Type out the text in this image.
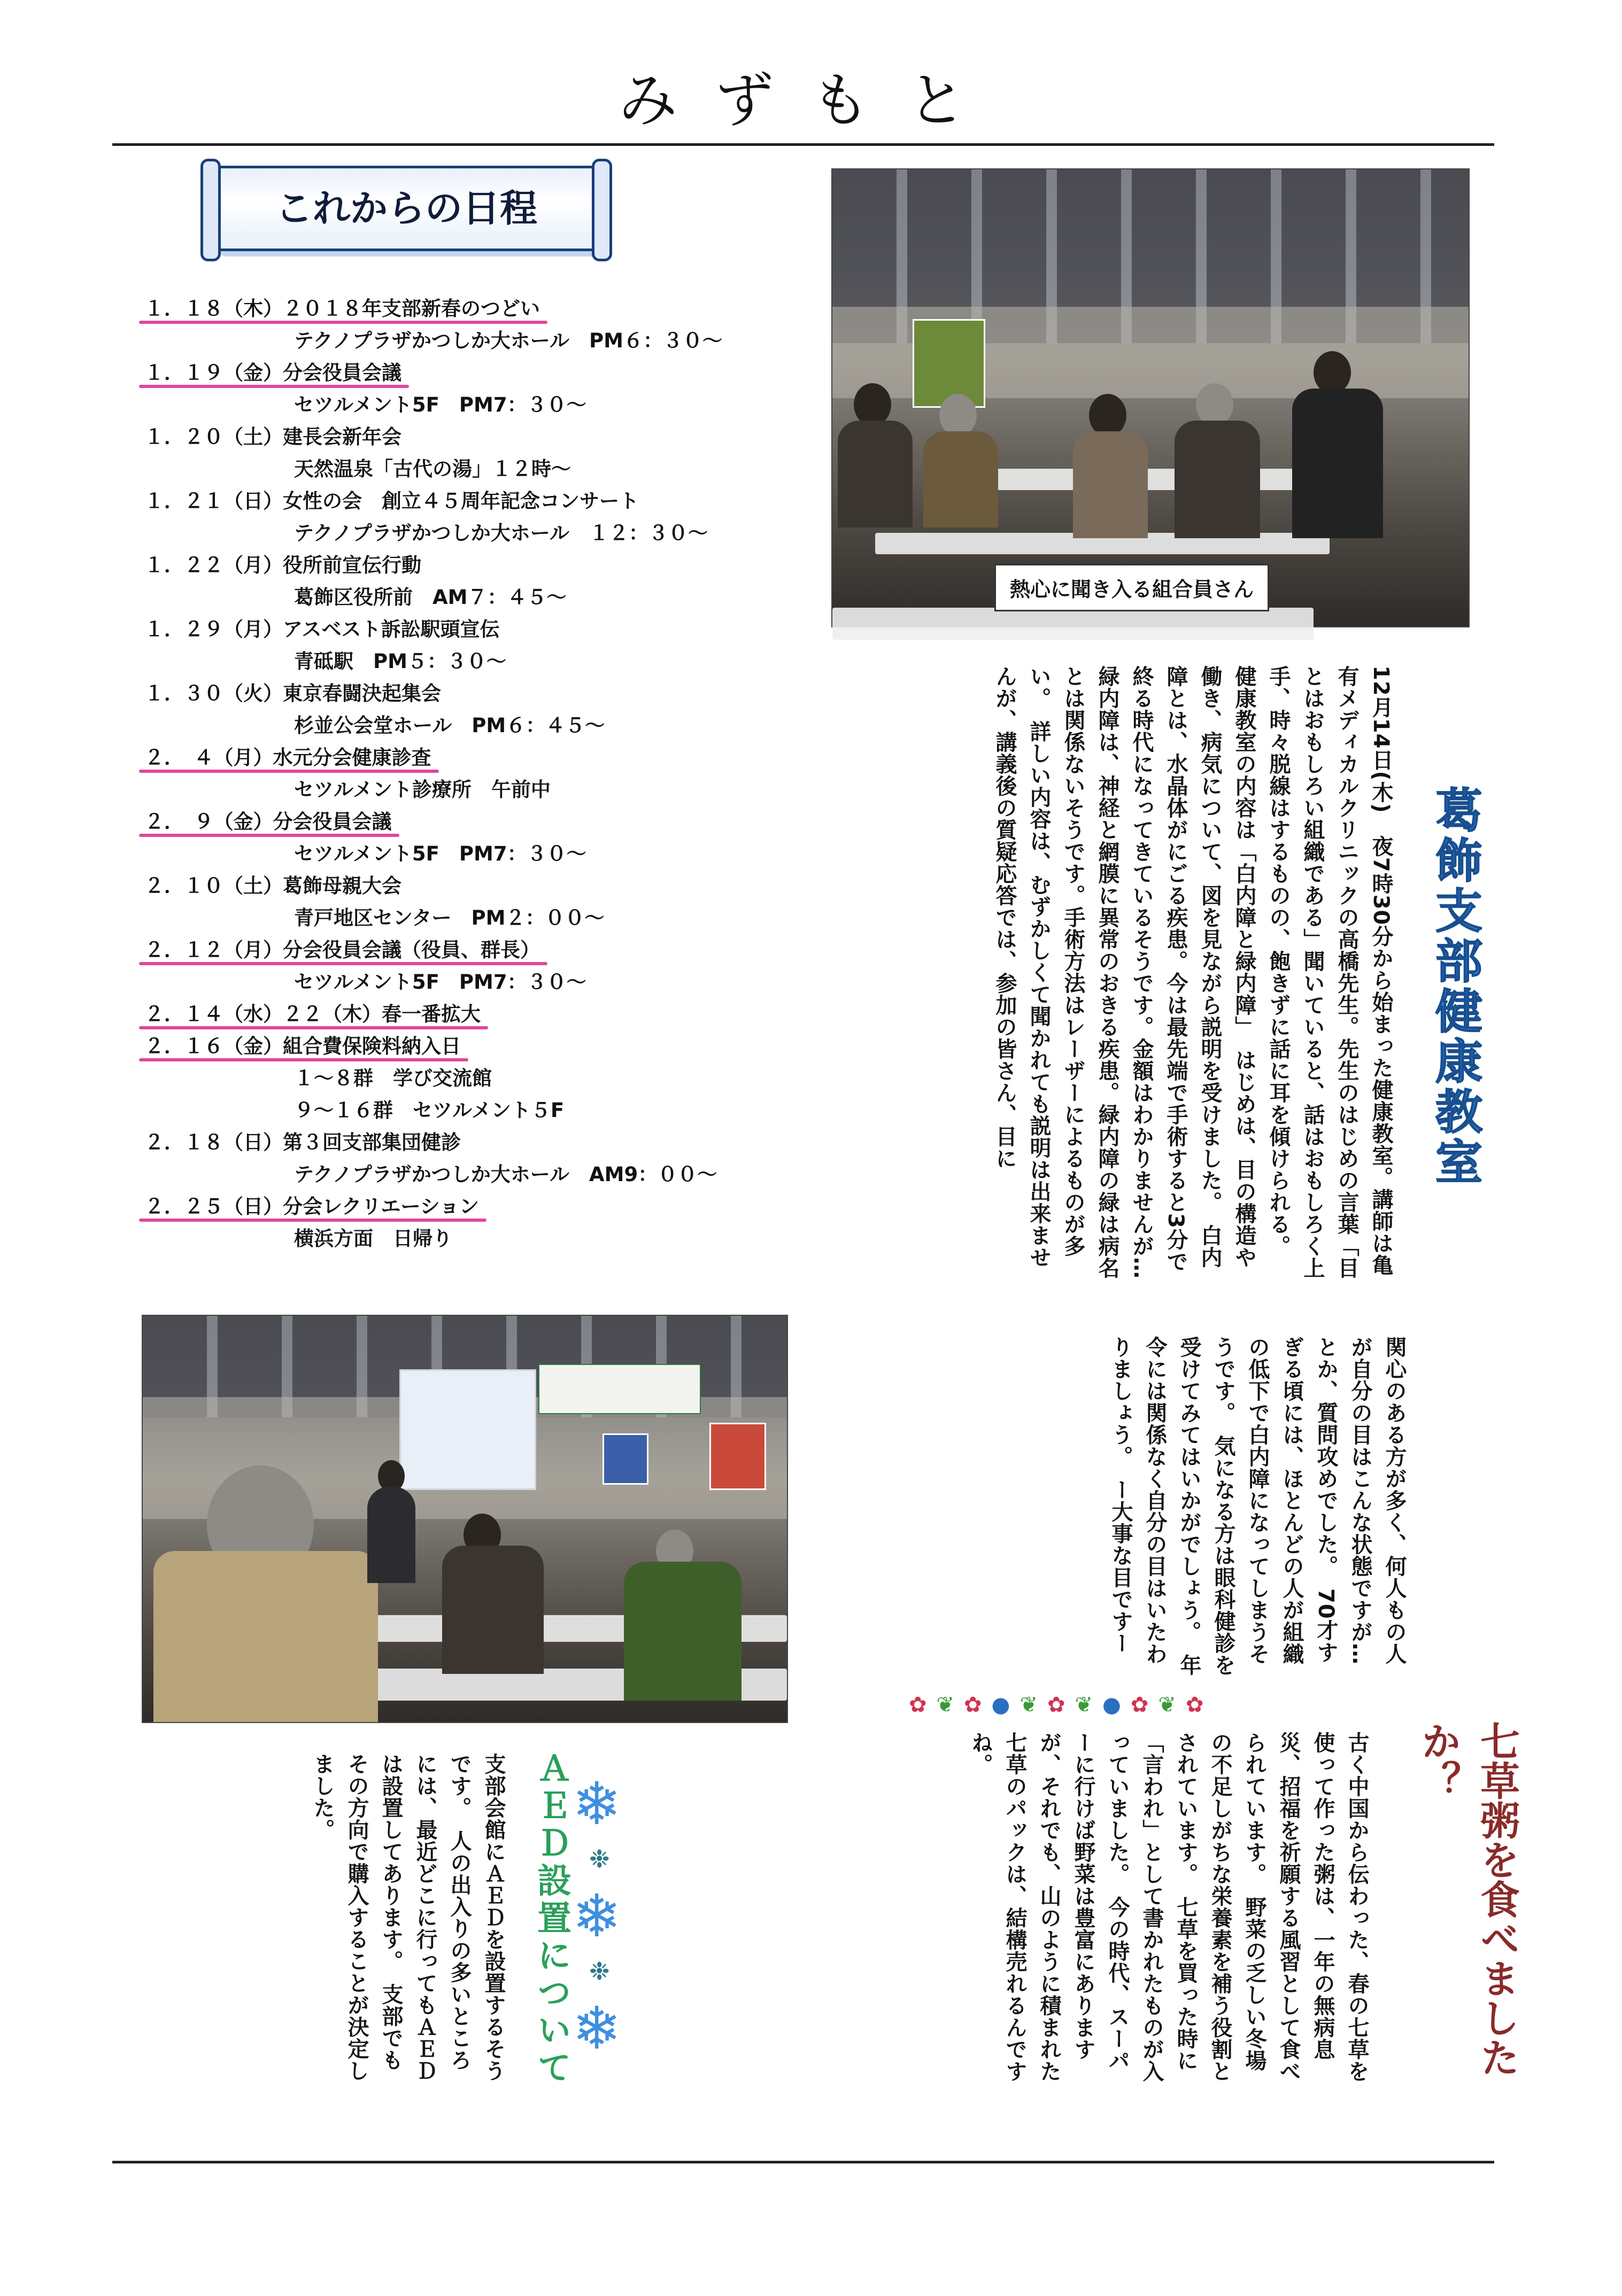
みずもと
これからの日程
１．１８（木）２０１８年支部新春のつどい
テクノプラザかつしか大ホール　PM６：３０～
１．１９（金）分会役員会議
セツルメント5F　PM7：３０～
１．２０（土）建長会新年会
天然温泉「古代の湯」１２時～
１．２１（日）女性の会　創立４５周年記念コンサート
テクノプラザかつしか大ホール　１２：３０～
１．２２（月）役所前宣伝行動
葛飾区役所前　AM７：４５～
１．２９（月）アスベスト訴訟駅頭宣伝
青砥駅　PM５：３０～
１．３０（火）東京春闘決起集会
杉並公会堂ホール　PM６：４５～
２．　４（月）水元分会健康診査
セツルメント診療所　午前中
２．　９（金）分会役員会議
セツルメント5F　PM7：３０～
２．１０（土）葛飾母親大会
青戸地区センター　PM２：００～
２．１２（月）分会役員会議（役員、群長）
セツルメント5F　PM7：３０～
２．１４（水）２２（木）春一番拡大
２．１６（金）組合費保険料納入日
１～８群　学び交流館
９～１６群　セツルメント５F
２．１８（日）第３回支部集団健診
テクノプラザかつしか大ホール　AM9：００～
２．２５（日）分会レクリエーション
横浜方面　日帰り
熱心に聞き入る組合員さん
葛飾支部健康教室
12月14日(木)　夜7時30分から始まった健康教室。講師は亀有メディカルクリニックの高橋先生。先生のはじめの言葉「目とはおもしろい組織である」聞いていると、話はおもしろく上手、時々脱線はするものの、飽きずに話に耳を傾けられる。　健康教室の内容は「白内障と緑内障」　はじめは、目の構造や働き、病気について、図を見ながら説明を受けました。　白内障とは、水晶体がにごる疾患。今は最先端で手術すると3分で終る時代になってきているそうです。金額はわかりませんが…　緑内障は、神経と網膜に異常のおきる疾患。緑内障の緑は病名とは関係ないそうです。手術方法はレーザーによるものが多い。　詳しい内容は、むずかしくて聞かれても説明は出来ませんが、講義後の質疑応答では、参加の皆さん、目に
関心のある方が多く、何人もの人が自分の目はこんな状態ですが…とか、質問攻めでした。　70才すぎる頃には、ほとんどの人が組織の低下で白内障になってしまうそうです。　気になる方は眼科健診を受けてみてはいかがでしょう。　年令には関係なく自分の目はいたわりましょう。　ー大事な目ですー
✿ ❦ ✿ ● ❦ ✿ ❦ ● ✿ ❦ ✿
七草粥を食べましたか？
古く中国から伝わった、春の七草を使って作った粥は、一年の無病息災、招福を祈願する風習として食べられています。　野菜の乏しい冬場の不足しがちな栄養素を補う役割とされています。　七草を買った時に「言われ」として書かれたものが入っていました。　今の時代、スーパーに行けば野菜は豊富にありますが、それでも、山のように積まれた七草のパックは、結構売れるんですね。
❄
❉
❄
❉
❄
ＡＥＤ設置について
支部会館にＡＥＤを設置するそうです。　人の出入りの多いところには、最近どこに行ってもＡＥＤは設置してあります。　支部でもその方向で購入することが決定しました。
